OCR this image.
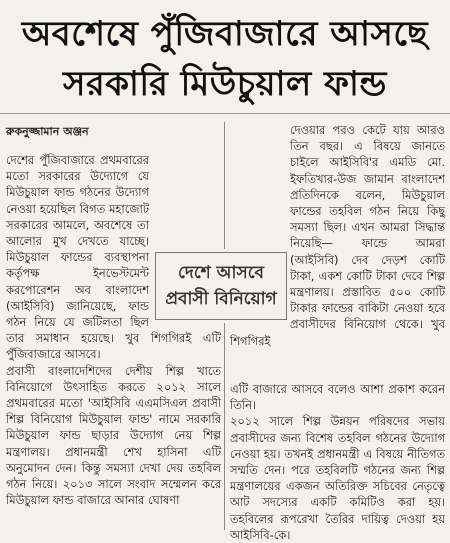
অবশেষে পুঁজিবাজারে আসছে
সরকারি মিউচুয়াল ফান্ড
রুকনুজ্জামান অঞ্জন

দেশের পুঁজিবাজারে প্রথমবারের মতো সরকারের উদ্যোগে যে মিউচুয়াল ফান্ড গঠনের উদ্যোগ নেওয়া হয়েছিল বিগত মহাজোট সরকারের আমলে, অবশেষে তা আলোর মুখ দেখতে যাচ্ছে। মিউচুয়াল ফান্ডের ব্যবস্থাপনা কর্তৃপক্ষ ইনভেস্টমেন্ট করপোরেশন অব বাংলাদেশ (আইসিবি) জানিয়েছে, ফান্ড গঠন নিয়ে যে জটিলতা ছিল তার সমাধান হয়েছে। খুব শিগগিরই এটি পুঁজিবাজারে আসবে।

প্রবাসী বাংলাদেশিদের দেশীয় শিল্প খাতে বিনিয়োগে উৎসাহিত করতে ২০১২ সালে প্রথমবারের মতো 'আইসিবি এএমসিএল প্রবাসী শিল্প বিনিয়োগ মিউচুয়াল ফান্ড' নামে সরকারি মিউচুয়াল ফান্ড ছাড়ার উদ্যোগ নেয় শিল্প মন্ত্রণালয়। প্রধানমন্ত্রী শেখ হাসিনা এটি অনুমোদন দেন। কিন্তু সমস্যা দেখা দেয় তহবিল গঠন নিয়ে। ২০১৩ সালে সংবাদ সম্মেলন করে মিউচুয়াল ফান্ড বাজারে আনার ঘোষণা

দেওয়ার পরও কেটে যায় আরও তিন বছর। এ বিষয়ে জানতে চাইলে আইসিবি'র এমডি মো. ইফতিখার-উজ জামান বাংলাদেশ প্রতিদিনকে বলেন, মিউচুয়াল ফান্ডের তহবিল গঠন নিয়ে কিছু সমস্যা ছিল। এখন আমরা সিদ্ধান্ত নিয়েছি— ফান্ডে আমরা (আইসিবি) দেব দেড়শ কোটি টাকা, একশ কোটি টাকা দেবে শিল্প মন্ত্রণালয়। প্রস্তাবিত ৫০০ কোটি টাকার ফান্ডের বাকিটা নেওয়া হবে প্রবাসীদের বিনিয়োগ থেকে। খুব শিগগিরই

এটি বাজারে আসবে বলেও আশা প্রকাশ করেন তিনি।

২০১২ সালে শিল্প উন্নয়ন পরিষদের সভায় প্রবাসীদের জন্য বিশেষ তহবিল গঠনের উদ্যোগ নেওয়া হয়। তখনই প্রধানমন্ত্রী এ বিষয়ে নীতিগত সম্মতি দেন। পরে তহবিলটি গঠনের জন্য শিল্প মন্ত্রণালয়ের একজন অতিরিক্ত সচিবের নেতৃত্বে আট সদস্যের একটি কমিটিও করা হয়। তহবিলের রূপরেখা তৈরির দায়িত্ব দেওয়া হয় আইসিবি-কে।

দেশে আসবে
প্রবাসী বিনিয়োগ
